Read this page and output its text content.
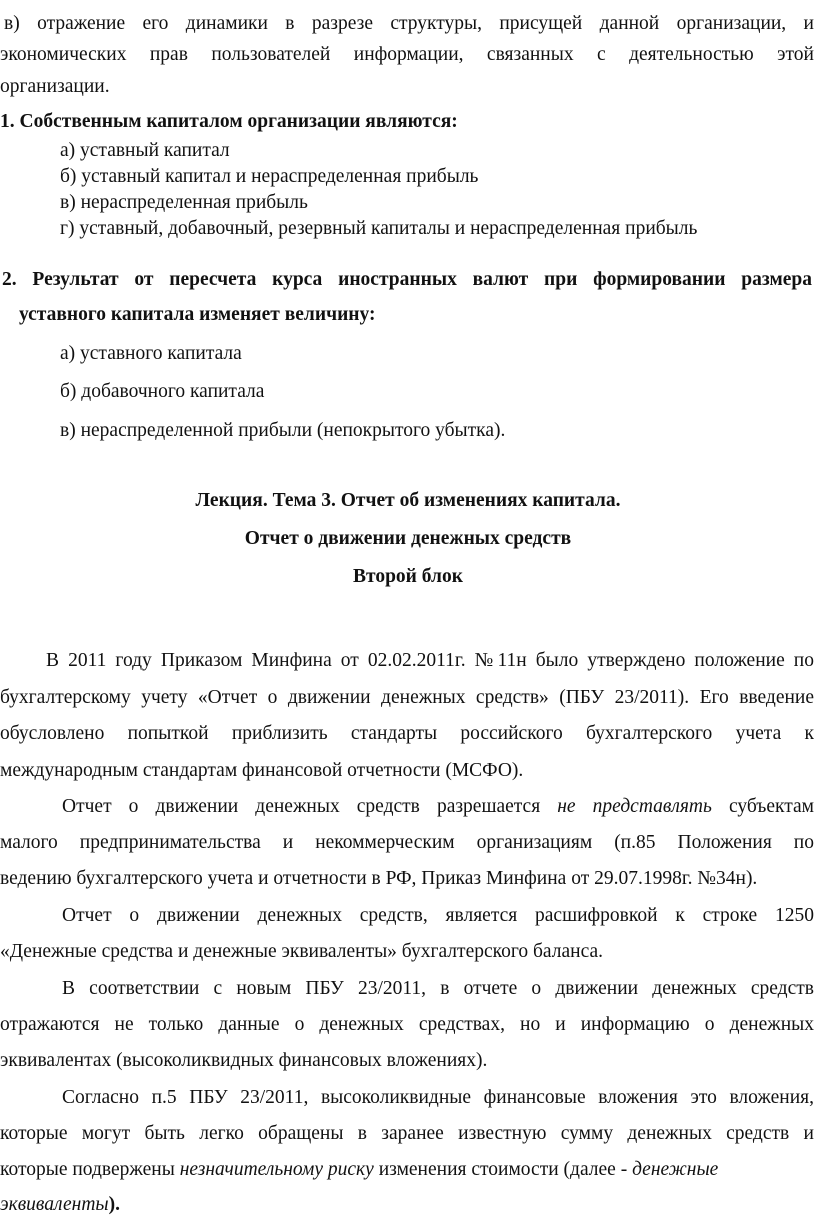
в) отражение его динамики в разрезе структуры, присущей данной организации, и
экономических прав пользователей информации, связанных с деятельностью этой
организации.
1. Собственным капиталом организации являются:
а) уставный капитал
б) уставный капитал и нераспределенная прибыль
в) нераспределенная прибыль
г) уставный, добавочный, резервный капиталы и нераспределенная прибыль
2. Результат от пересчета курса иностранных валют при формировании размера
уставного капитала изменяет величину:
а) уставного капитала
б) добавочного капитала
в) нераспределенной прибыли (непокрытого убытка).
Лекция. Тема 3. Отчет об изменениях капитала.
Отчет о движении денежных средств
Второй блок
В 2011 году Приказом Минфина от 02.02.2011г. №11н было утверждено положение по
бухгалтерскому учету «Отчет о движении денежных средств» (ПБУ 23/2011). Его введение
обусловлено попыткой приблизить стандарты российского бухгалтерского учета к
международным стандартам финансовой отчетности (МСФО).
Отчет о движении денежных средств разрешается не представлять субъектам
малого предпринимательства и некоммерческим организациям (п.85 Положения по
ведению бухгалтерского учета и отчетности в РФ, Приказ Минфина от 29.07.1998г. №34н).
Отчет о движении денежных средств, является расшифровкой к строке 1250
«Денежные средства и денежные эквиваленты» бухгалтерского баланса.
В соответствии с новым ПБУ 23/2011, в отчете о движении денежных средств
отражаются не только данные о денежных средствах, но и информацию о денежных
эквивалентах (высоколиквидных финансовых вложениях).
Согласно п.5 ПБУ 23/2011, высоколиквидные финансовые вложения это вложения,
которые могут быть легко обращены в заранее известную сумму денежных средств и
которые подвержены незначительному риску изменения стоимости (далее - денежные
эквиваленты).
